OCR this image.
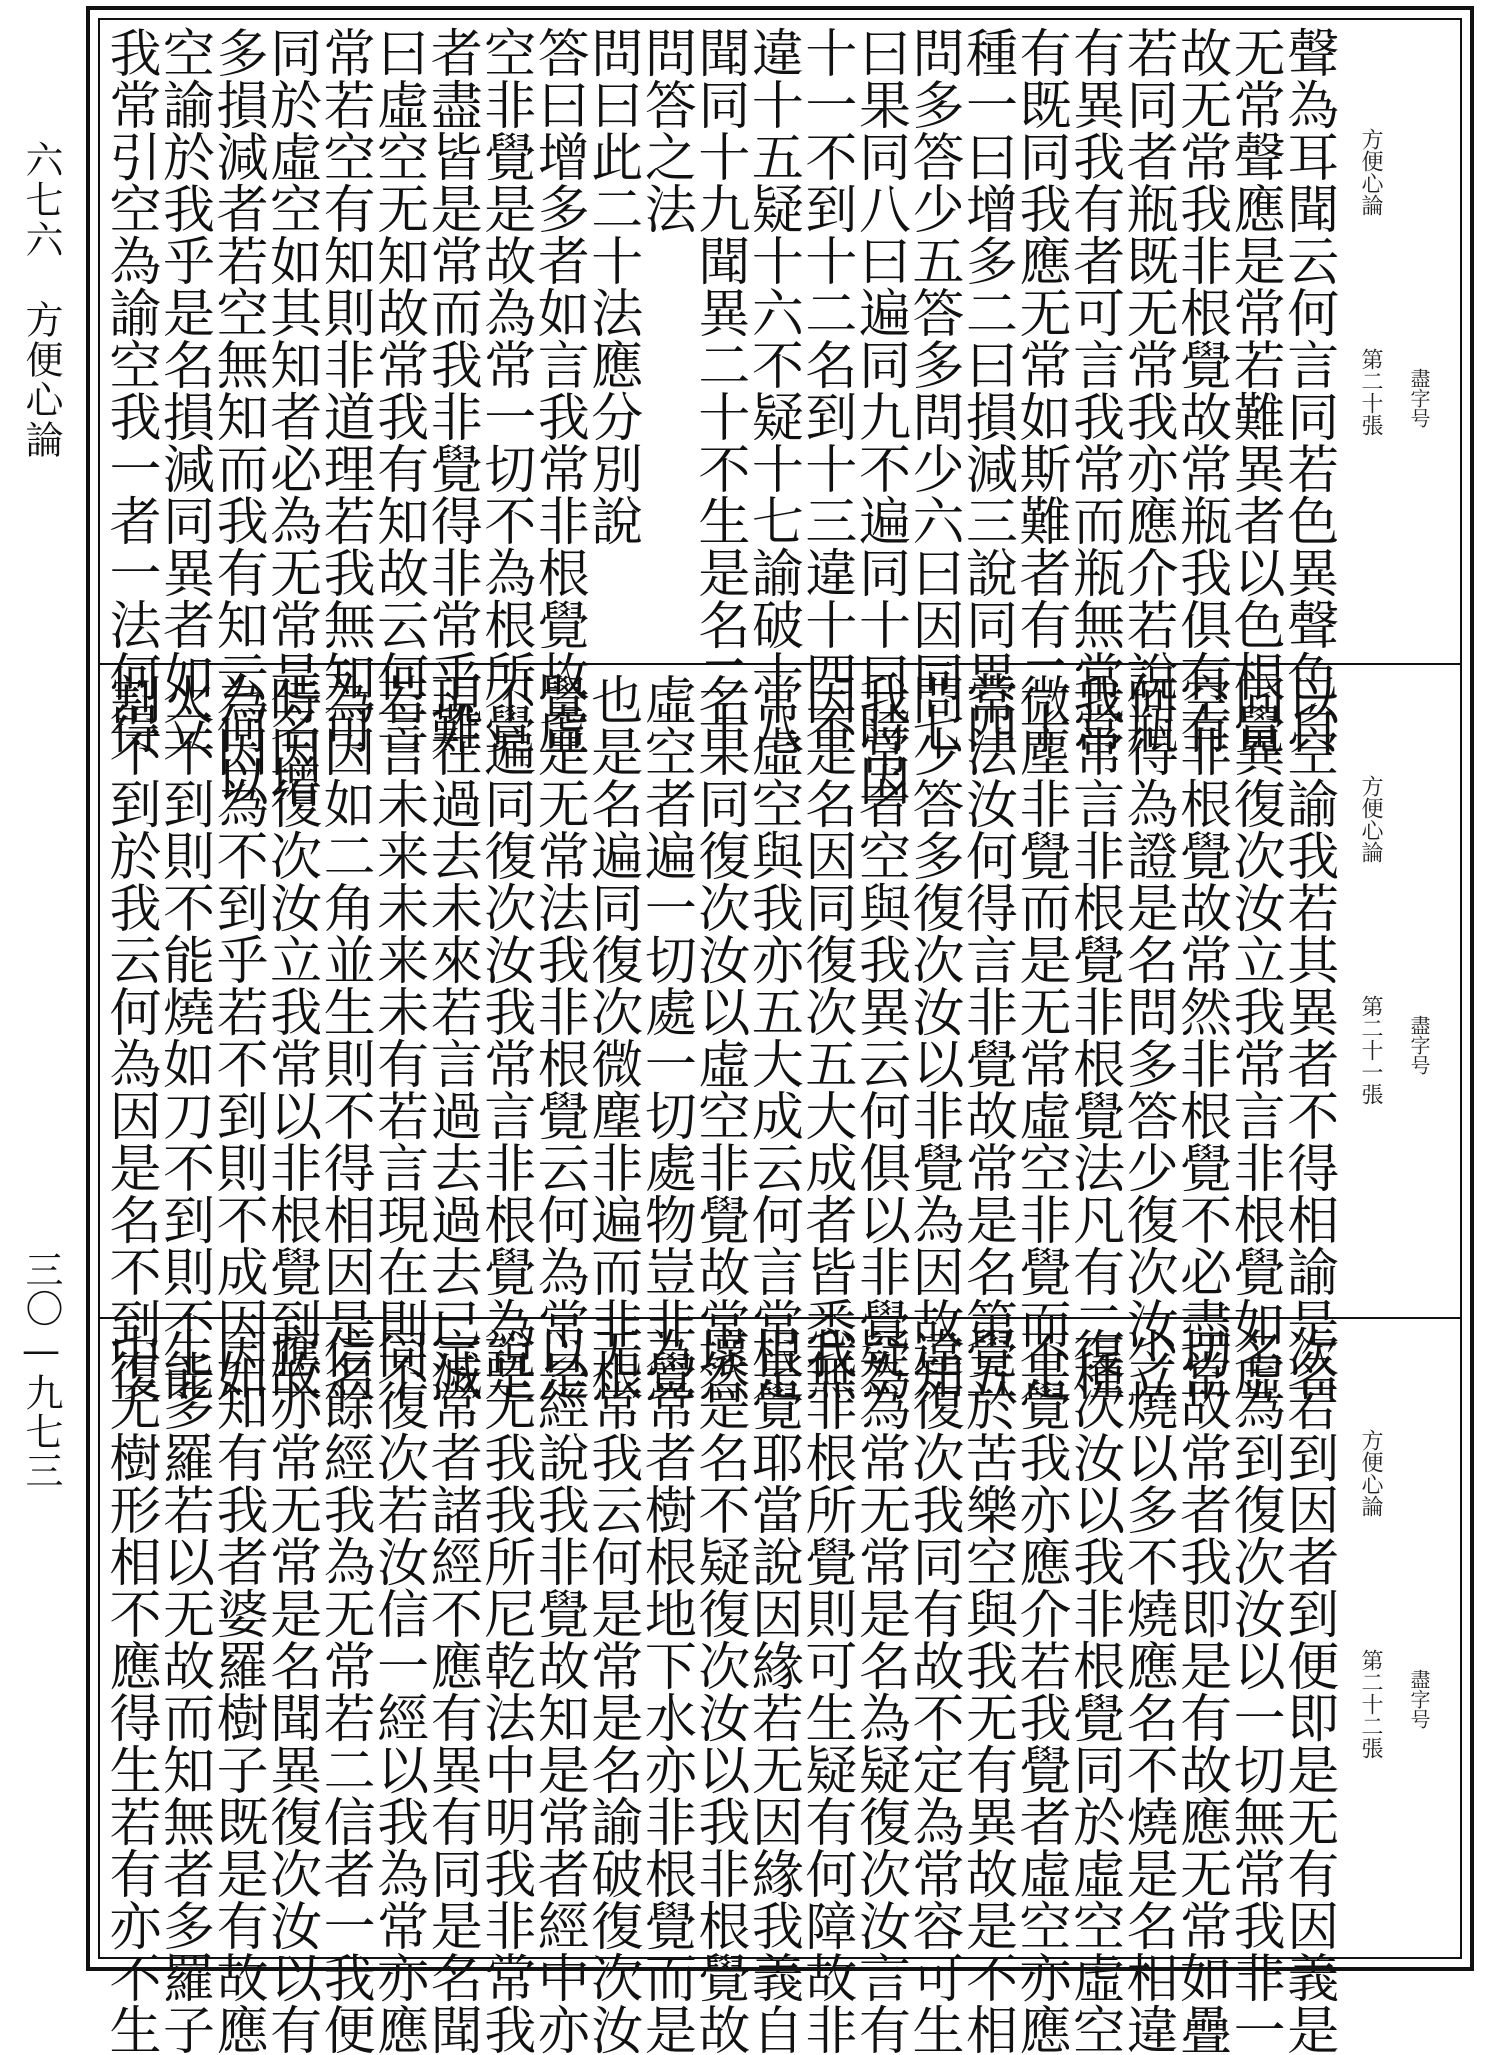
六七六　方便心論
三〇—九七三
聲為耳聞云何言同若色異聲色自
无常聲應是常若難異者以色根覺
故无常我非根覺故常瓶我俱有有
若同者瓶既无常我亦應介若說瓶
有異我有者可言我常而瓶無常常
有既同我應无常如斯難者有二十
種一曰增多二曰損減三說同異四
問多答少五答多問少六曰因同七
曰果同八曰遍同九不遍同十曰時因
十一不到十二名到十三違十四不
違十五疑十六不疑十七諭破十八
聞同十九聞異二十不生是名二十
問答之法
問曰此二十法應分別說
答曰增多者如言我常非根覺故虛
空非覺是故為常一切不為根所覺
者盡皆是常而我非覺得非常乎難
曰虛空无知故常我有知故云何言
常若空有知則非道理若我無知可
同於虛空如其知者必為无常是名增
多損減者若空無知而我有知云何以
空諭於我乎是名損減同異者如立
我常引空為諭空我一者一法何得	方便心論
第二十張 盡字号
以空諭我若其異者不得相諭是名
同異復次汝立我常言非根覺如虛
空非根覺故常然非根覺不必盡常
何得為證是名問多答少復次汝立
我常言非根覺非根覺法凡有二種
微塵非覺而是无常虛空非覺而是
常法汝何得言非覺故常是名第五
問少答多復次汝以非覺為因故知
我常者空與我異云何俱以非覺為
因是名因同復次五大成者皆悉無
常虛空與我亦五大成云何言常是
名果同復次汝以虛空非覺故常然
虛空者遍一切處一切處物豈非覺
也是名遍同復次微塵非遍而非根
覺是无常法我非根覺云何為常是
不遍同復次汝我常言非根覺為是
現在過去未來若言過去過去已滅
若言未来未来未有若言現在則不
為因如二角並生則不得相因是名
時因復次汝立我常以非根覺到故
為因為不到乎若不到則不成因如
火不到則不能燒如刀不到則不能
割不到於我云何為因是名不到復	方便心論
第二十一張 盡字号
次若到因者到便即是无有因義是
名為到復次汝以一切無常我非一
切故常者我即是有故應无常如疊
少燒以多不燒應名不燒是名相違
復次汝以我非根覺同於虛空虛空
不覺我亦應介若我覺者虛空亦應
覺於苦樂空與我无有異故是不相
違復次我同有故不定為常容可生
疑為常无常是名為疑復次汝言有
我非根所覺則可生疑有何障故非
根覺耶當說因緣若无因緣我義自
壞是名不疑復次汝以我非根覺故
為常者樹根地下水亦非根覺而是
无常我云何是常是名諭破復次汝
以經說我非覺故知是常者經中亦
說无我我所尼乾法中明我非常我
定常者諸經不應有異有同是名聞
同復次若汝信一經以我為常亦應
信餘經我為无常若二信者一我便
應亦常无常是名聞異復次汝以有
因知有我者婆羅樹子既是有故應
生多羅若以无故而知無者多羅子
中无樹形相不應得生若有亦不生	方便心論
第二十二張 盡字号
